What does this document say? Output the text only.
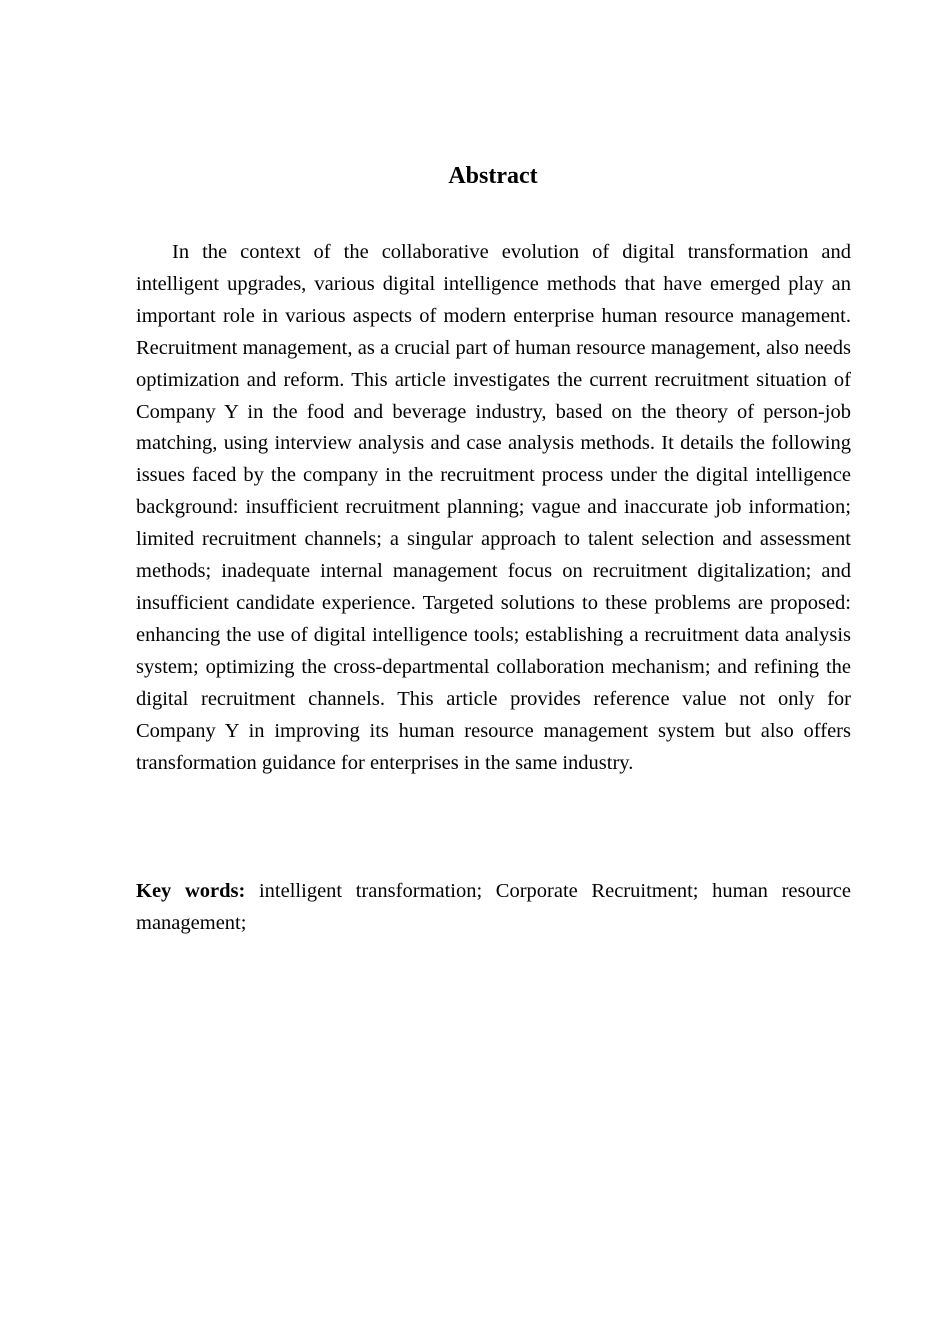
Abstract

In the context of the collaborative evolution of digital transformation and intelligent upgrades, various digital intelligence methods that have emerged play an important role in various aspects of modern enterprise human resource management. Recruitment management, as a crucial part of human resource management, also needs optimization and reform. This article investigates the current recruitment situation of Company Y in the food and beverage industry, based on the theory of person-job matching, using interview analysis and case analysis methods. It details the following issues faced by the company in the recruitment process under the digital intelligence background: insufficient recruitment planning; vague and inaccurate job information; limited recruitment channels; a singular approach to talent selection and assessment methods; inadequate internal management focus on recruitment digitalization; and insufficient candidate experience. Targeted solutions to these problems are proposed: enhancing the use of digital intelligence tools; establishing a recruitment data analysis system; optimizing the cross-departmental collaboration mechanism; and refining the digital recruitment channels. This article provides reference value not only for Company Y in improving its human resource management system but also offers transformation guidance for enterprises in the same industry.

Key words: intelligent transformation; Corporate Recruitment; human resource management;
